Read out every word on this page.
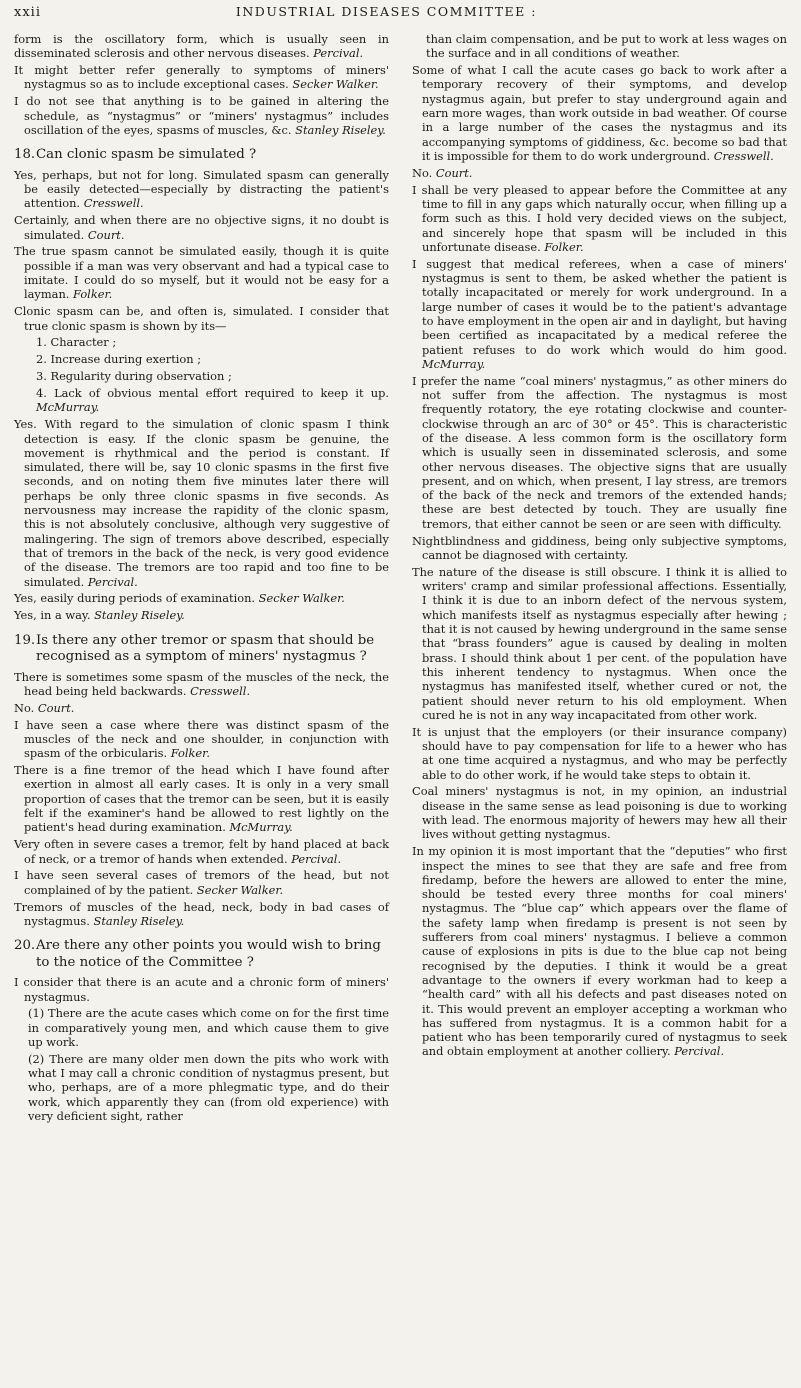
xxii	INDUSTRIAL DISEASES COMMITTEE :

form is the oscillatory form, which is usually seen in disseminated sclerosis and other nervous diseases. Percival.

It might better refer generally to symptoms of miners' nystagmus so as to include exceptional cases. Secker Walker.

I do not see that anything is to be gained in altering the schedule, as “nystagmus” or “miners' nystagmus” includes oscillation of the eyes, spasms of muscles, &c. Stanley Riseley.

18.Can clonic spasm be simulated ?

Yes, perhaps, but not for long. Simulated spasm can generally be easily detected—especially by distracting the patient's attention. Cresswell.

Certainly, and when there are no objective signs, it no doubt is simulated. Court.

The true spasm cannot be simulated easily, though it is quite possible if a man was very observant and had a typical case to imitate. I could do so myself, but it would not be easy for a layman. Folker.

Clonic spasm can be, and often is, simulated. I consider that true clonic spasm is shown by its—

1. Character ;

2. Increase during exertion ;

3. Regularity during observation ;

4. Lack of obvious mental effort required to keep it up. McMurray.

Yes. With regard to the simulation of clonic spasm I think detection is easy. If the clonic spasm be genuine, the movement is rhythmical and the period is constant. If simulated, there will be, say 10 clonic spasms in the first five seconds, and on noting them five minutes later there will perhaps be only three clonic spasms in five seconds. As nervousness may increase the rapidity of the clonic spasm, this is not absolutely conclusive, although very suggestive of malingering. The sign of tremors above described, especially that of tremors in the back of the neck, is very good evidence of the disease. The tremors are too rapid and too fine to be simulated. Percival.

Yes, easily during periods of examination. Secker Walker.

Yes, in a way. Stanley Riseley.

19.Is there any other tremor or spasm that should be recognised as a symptom of miners' nystagmus ?

There is sometimes some spasm of the muscles of the neck, the head being held backwards. Cresswell.

No. Court.

I have seen a case where there was distinct spasm of the muscles of the neck and one shoulder, in conjunction with spasm of the orbicularis. Folker.

There is a fine tremor of the head which I have found after exertion in almost all early cases. It is only in a very small proportion of cases that the tremor can be seen, but it is easily felt if the examiner's hand be allowed to rest lightly on the patient's head during examination. McMurray.

Very often in severe cases a tremor, felt by hand placed at back of neck, or a tremor of hands when extended. Percival.

I have seen several cases of tremors of the head, but not complained of by the patient. Secker Walker.

Tremors of muscles of the head, neck, body in bad cases of nystagmus. Stanley Riseley.

20.Are there any other points you would wish to bring to the notice of the Committee ?

I consider that there is an acute and a chronic form of miners' nystagmus.

(1) There are the acute cases which come on for the first time in comparatively young men, and which cause them to give up work.

(2) There are many older men down the pits who work with what I may call a chronic condition of nystagmus present, but who, perhaps, are of a more phlegmatic type, and do their work, which apparently they can (from old experience) with very deficient sight, rather

than claim compensation, and be put to work at less wages on the surface and in all conditions of weather.

Some of what I call the acute cases go back to work after a temporary recovery of their symptoms, and develop nystagmus again, but prefer to stay underground again and earn more wages, than work outside in bad weather. Of course in a large number of the cases the nystagmus and its accompanying symptoms of giddiness, &c. become so bad that it is impossible for them to do work underground. Cresswell.

No. Court.

I shall be very pleased to appear before the Committee at any time to fill in any gaps which naturally occur, when filling up a form such as this. I hold very decided views on the subject, and sincerely hope that spasm will be included in this unfortunate disease. Folker.

I suggest that medical referees, when a case of miners' nystagmus is sent to them, be asked whether the patient is totally incapacitated or merely for work underground. In a large number of cases it would be to the patient's advantage to have employment in the open air and in daylight, but having been certified as incapacitated by a medical referee the patient refuses to do work which would do him good. McMurray.

I prefer the name “coal miners' nystagmus,” as other miners do not suffer from the affection. The nystagmus is most frequently rotatory, the eye rotating clockwise and counter-clockwise through an arc of 30° or 45°. This is characteristic of the disease. A less common form is the oscillatory form which is usually seen in disseminated sclerosis, and some other nervous diseases. The objective signs that are usually present, and on which, when present, I lay stress, are tremors of the back of the neck and tremors of the extended hands; these are best detected by touch. They are usually fine tremors, that either cannot be seen or are seen with difficulty.

Nightblindness and giddiness, being only subjective symptoms, cannot be diagnosed with certainty.

The nature of the disease is still obscure. I think it is allied to writers' cramp and similar professional affections. Essentially, I think it is due to an inborn defect of the nervous system, which manifests itself as nystagmus especially after hewing ; that it is not caused by hewing underground in the same sense that “brass founders” ague is caused by dealing in molten brass. I should think about 1 per cent. of the population have this inherent tendency to nystagmus. When once the nystagmus has manifested itself, whether cured or not, the patient should never return to his old employment. When cured he is not in any way incapacitated from other work.

It is unjust that the employers (or their insurance company) should have to pay compensation for life to a hewer who has at one time acquired a nystagmus, and who may be perfectly able to do other work, if he would take steps to obtain it.

Coal miners' nystagmus is not, in my opinion, an industrial disease in the same sense as lead poisoning is due to working with lead. The enormous majority of hewers may hew all their lives without getting nystagmus.

In my opinion it is most important that the “deputies” who first inspect the mines to see that they are safe and free from firedamp, before the hewers are allowed to enter the mine, should be tested every three months for coal miners' nystagmus. The “blue cap” which appears over the flame of the safety lamp when firedamp is present is not seen by sufferers from coal miners' nystagmus. I believe a common cause of explosions in pits is due to the blue cap not being recognised by the deputies. I think it would be a great advantage to the owners if every workman had to keep a “health card” with all his defects and past diseases noted on it. This would prevent an employer accepting a workman who has suffered from nystagmus. It is a common habit for a patient who has been temporarily cured of nystagmus to seek and obtain employment at another colliery. Percival.
